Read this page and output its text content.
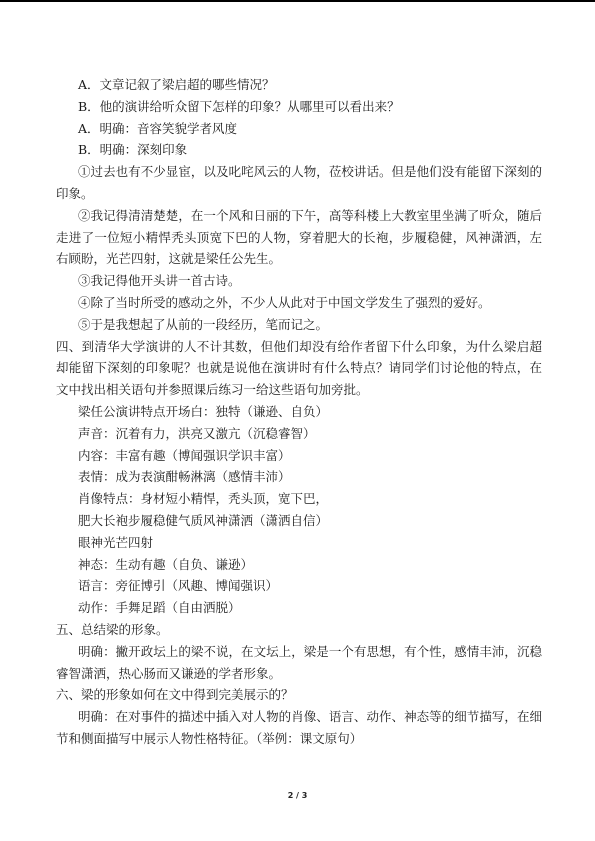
A．文章记叙了梁启超的哪些情况？

B．他的演讲给听众留下怎样的印象？从哪里可以看出来？

A．明确：音容笑貌学者风度

B．明确：深刻印象

①过去也有不少显宦，以及叱咤风云的人物，莅校讲话。但是他们没有能留下深刻的印象。

②我记得清清楚楚，在一个风和日丽的下午，高等科楼上大教室里坐满了听众，随后走进了一位短小精悍秃头顶宽下巴的人物，穿着肥大的长袍，步履稳健，风神潇洒，左右顾盼，光芒四射，这就是梁任公先生。

③我记得他开头讲一首古诗。

④除了当时所受的感动之外，不少人从此对于中国文学发生了强烈的爱好。

⑤于是我想起了从前的一段经历，笔而记之。

四、到清华大学演讲的人不计其数，但他们却没有给作者留下什么印象，为什么梁启超却能留下深刻的印象呢？也就是说他在演讲时有什么特点？请同学们讨论他的特点，在文中找出相关语句并参照课后练习一给这些语句加旁批。

梁任公演讲特点开场白：独特（谦逊、自负）

声音：沉着有力，洪亮又激亢（沉稳睿智）

内容：丰富有趣（博闻强识学识丰富）

表情：成为表演酣畅淋漓（感情丰沛）

肖像特点：身材短小精悍，秃头顶，宽下巴，

肥大长袍步履稳健气质风神潇洒（潇洒自信）

眼神光芒四射

神态：生动有趣（自负、谦逊）

语言：旁征博引（风趣、博闻强识）

动作：手舞足蹈（自由洒脱）

五、总结梁的形象。

明确：撇开政坛上的梁不说，在文坛上，梁是一个有思想，有个性，感情丰沛，沉稳睿智潇洒，热心肠而又谦逊的学者形象。

六、梁的形象如何在文中得到完美展示的？

明确：在对事件的描述中插入对人物的肖像、语言、动作、神态等的细节描写，在细节和侧面描写中展示人物性格特征。（举例：课文原句）

2 / 3
